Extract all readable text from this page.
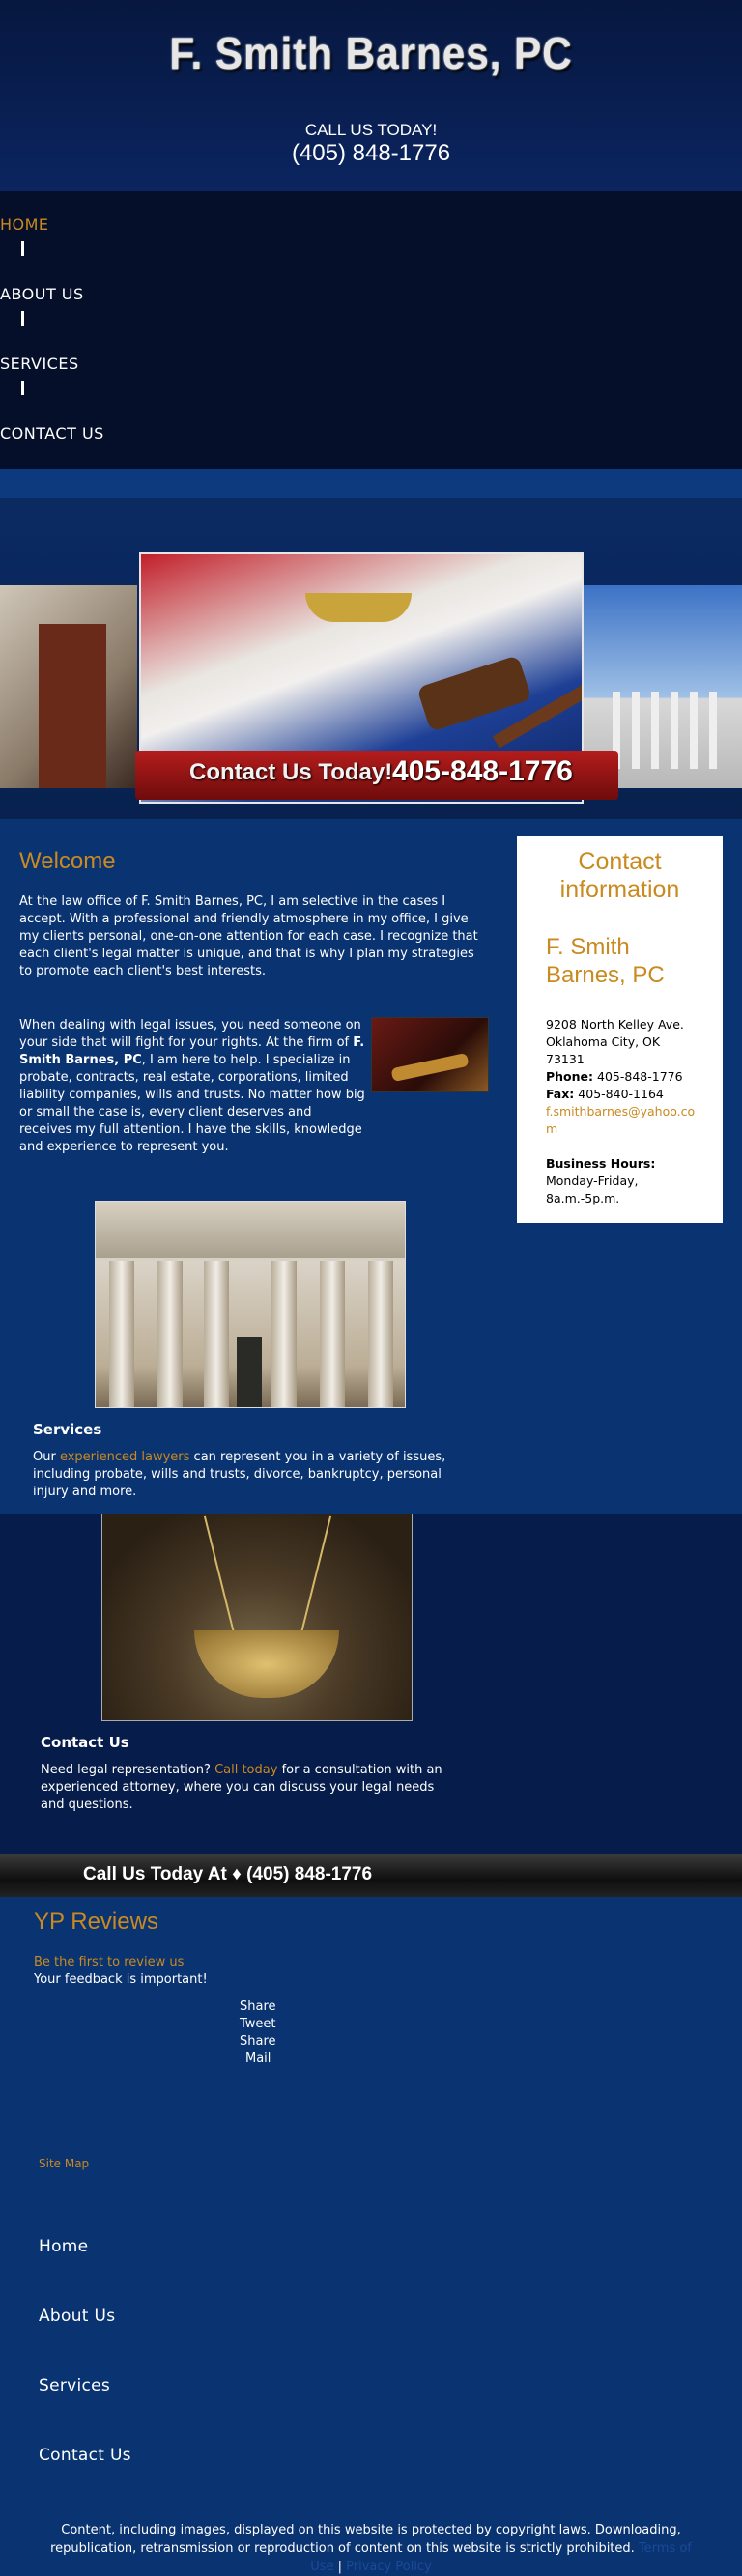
F. Smith Barnes, PC
CALL US TODAY!
(405) 848-1776
HOME
ABOUT US
SERVICES
CONTACT US
Contact Us Today! 405-848-1776
Welcome

At the law office of F. Smith Barnes, PC, I am selective in the cases I accept. With a professional and friendly atmosphere in my office, I give my clients personal, one-on-one attention for each case. I recognize that each client's legal matter is unique, and that is why I plan my strategies to promote each client's best interests.

When dealing with legal issues, you need someone on your side that will fight for your rights. At the firm of F. Smith Barnes, PC, I am here to help. I specialize in probate, contracts, real estate, corporations, limited liability companies, wills and trusts. No matter how big or small the case is, every client deserves and receives my full attention. I have the skills, knowledge and experience to represent you.

Contact information
F. Smith Barnes, PC
9208 North Kelley Ave.
Oklahoma City, OK
73131
Phone: 405-848-1776
Fax: 405-840-1164
f.smithbarnes@yahoo.com
Business Hours:
Monday-Friday,
8a.m.-5p.m.
Services

Our experienced lawyers can represent you in a variety of issues, including probate, wills and trusts, divorce, bankruptcy, personal injury and more.

Contact Us

Need legal representation? Call today for a consultation with an experienced attorney, where you can discuss your legal needs and questions.

Call Us Today At ♦ (405) 848-1776
YP Reviews
Be the first to review us
Your feedback is important!
Share
Tweet
Share
Mail
Site Map
Home
About Us
Services
Contact Us
Content, including images, displayed on this website is protected by copyright laws. Downloading, republication, retransmission or reproduction of content on this website is strictly prohibited. Terms of Use | Privacy Policy
